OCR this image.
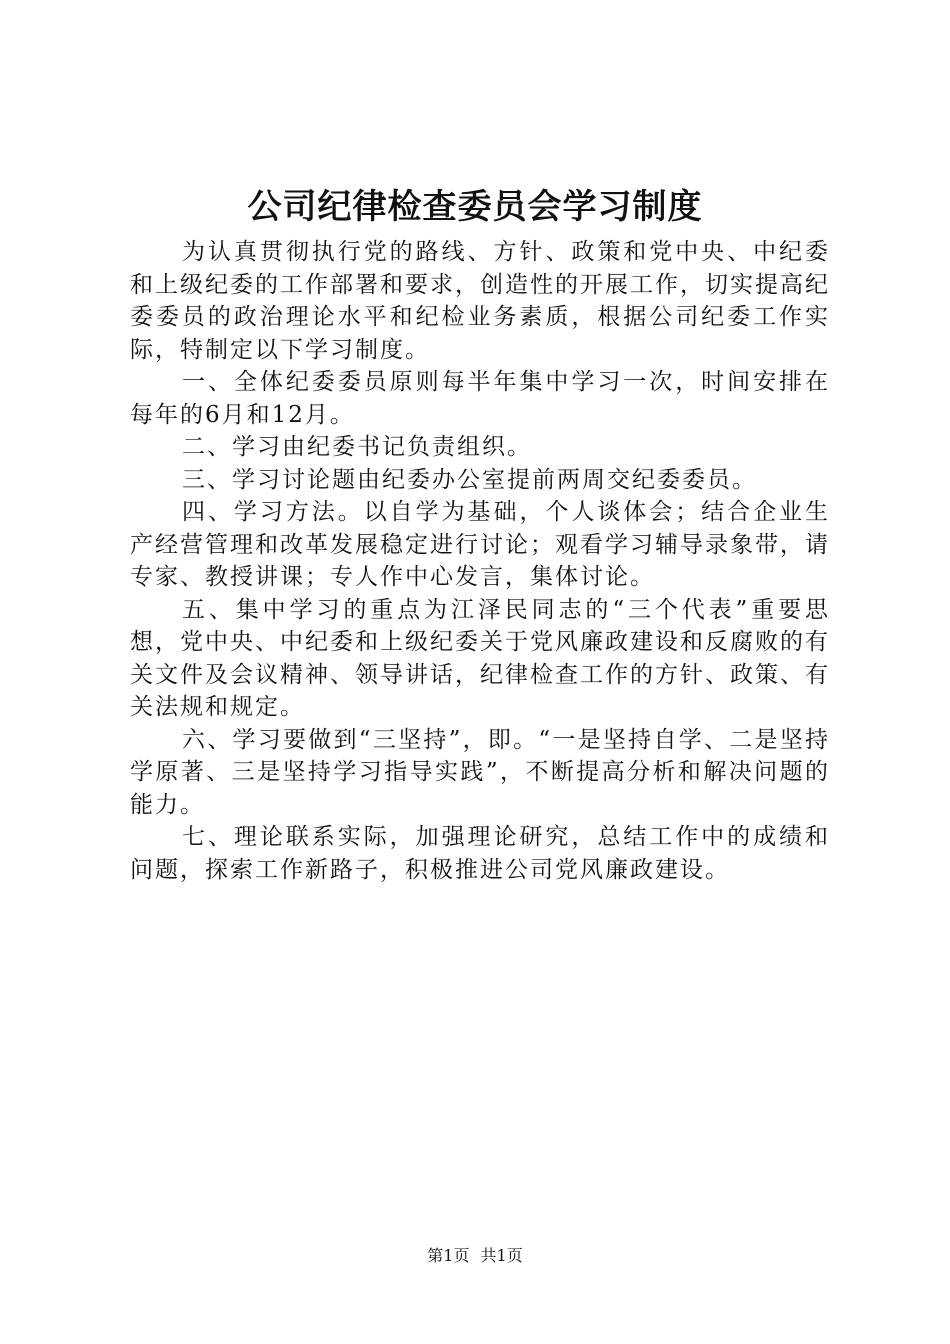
公司纪律检查委员会学习制度

为认真贯彻执行党的路线、方针、政策和党中央、中纪委和上级纪委的工作部署和要求，创造性的开展工作，切实提高纪委委员的政治理论水平和纪检业务素质，根据公司纪委工作实际，特制定以下学习制度。

一、全体纪委委员原则每半年集中学习一次，时间安排在每年的6月和12月。

二、学习由纪委书记负责组织。

三、学习讨论题由纪委办公室提前两周交纪委委员。

四、学习方法。以自学为基础，个人谈体会；结合企业生产经营管理和改革发展稳定进行讨论；观看学习辅导录象带，请专家、教授讲课；专人作中心发言，集体讨论。

五、集中学习的重点为江泽民同志的“三个代表”重要思想，党中央、中纪委和上级纪委关于党风廉政建设和反腐败的有关文件及会议精神、领导讲话，纪律检查工作的方针、政策、有关法规和规定。

六、学习要做到“三坚持”，即。“一是坚持自学、二是坚持学原著、三是坚持学习指导实践”，不断提高分析和解决问题的能力。

七、理论联系实际，加强理论研究，总结工作中的成绩和问题，探索工作新路子，积极推进公司党风廉政建设。

第1页 共1页
